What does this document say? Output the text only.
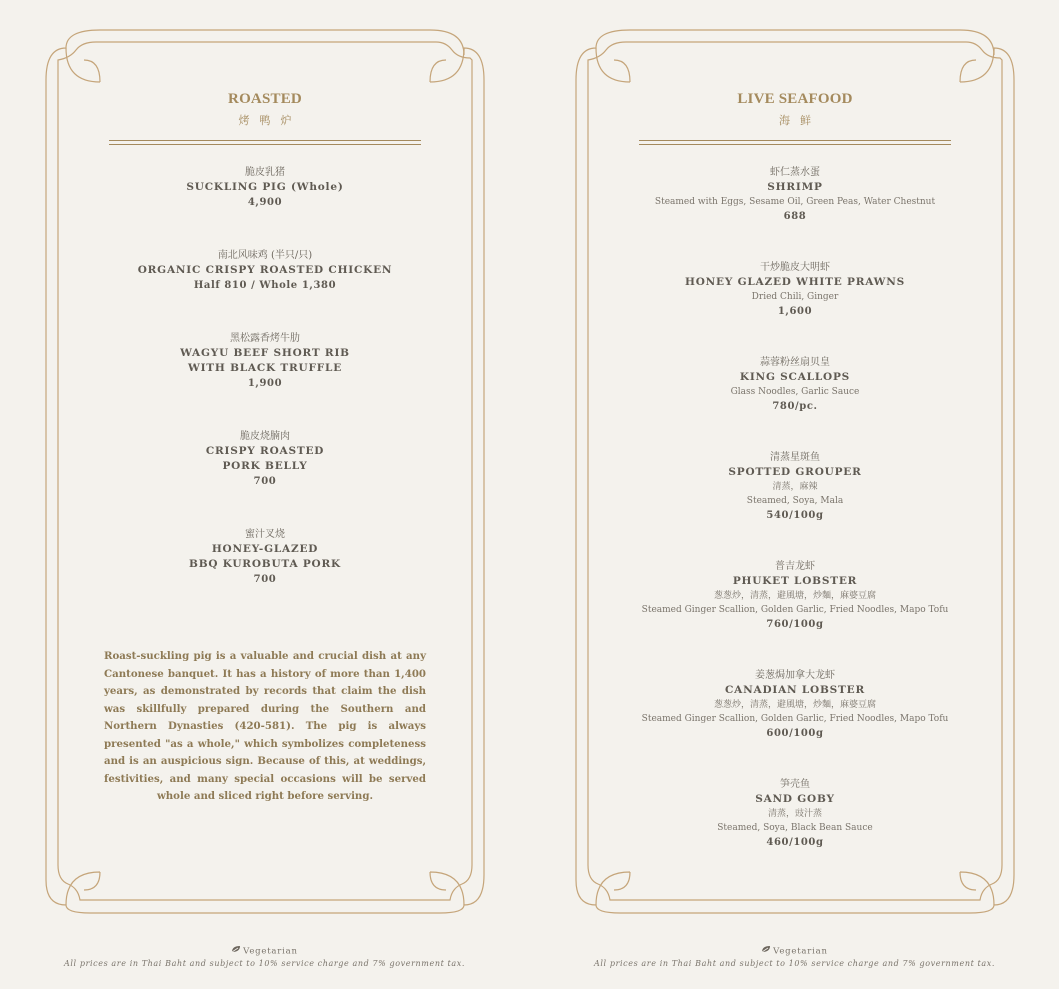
ROASTED
烤鸭炉
脆皮乳猪
SUCKLING PIG (Whole)
4,900
南北风味鸡 (半只/只)
ORGANIC CRISPY ROASTED CHICKEN
Half 810 / Whole 1,380
黑松露香烤牛肋
WAGYU BEEF SHORT RIB
WITH BLACK TRUFFLE
1,900
脆皮烧腩肉
CRISPY ROASTED
PORK BELLY
700
蜜汁叉烧
HONEY-GLAZED
BBQ KUROBUTA PORK
700
Roast-suckling pig is a valuable and crucial dish at any Cantonese banquet. It has a history of more than 1,400 years, as demonstrated by records that claim the dish was skillfully prepared during the Southern and Northern Dynasties (420-581). The pig is always presented "as a whole," which symbolizes completeness and is an auspicious sign. Because of this, at weddings, festivities, and many special occasions will be served whole and sliced right before serving.
Vegetarian
All prices are in Thai Baht and subject to 10% service charge and 7% government tax.
LIVE SEAFOOD
海鲜
虾仁蒸水蛋
SHRIMP
Steamed with Eggs, Sesame Oil, Green Peas, Water Chestnut
688
干炒脆皮大明虾
HONEY GLAZED WHITE PRAWNS
Dried Chili, Ginger
1,600
蒜蓉粉丝扇贝皇
KING SCALLOPS
Glass Noodles, Garlic Sauce
780/pc.
清蒸星斑鱼
SPOTTED GROUPER
清蒸，麻辣
Steamed, Soya, Mala
540/100g
普吉龙虾
PHUKET LOBSTER
葱葱炒，清蒸，避風塘，炒麵，麻婆豆腐
Steamed Ginger Scallion, Golden Garlic, Fried Noodles, Mapo Tofu
760/100g
姜葱焗加拿大龙虾
CANADIAN LOBSTER
葱葱炒，清蒸，避風塘，炒麵，麻婆豆腐
Steamed Ginger Scallion, Golden Garlic, Fried Noodles, Mapo Tofu
600/100g
笋壳鱼
SAND GOBY
清蒸，豉汁蒸
Steamed, Soya, Black Bean Sauce
460/100g
Vegetarian
All prices are in Thai Baht and subject to 10% service charge and 7% government tax.
